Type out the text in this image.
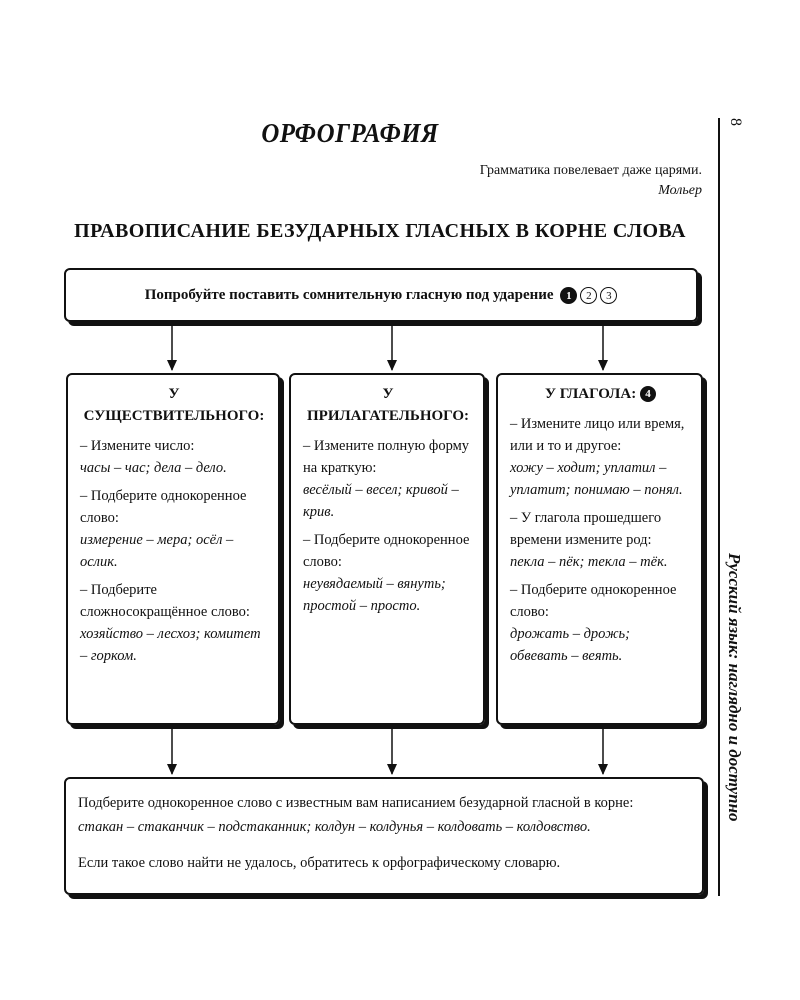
ОРФОГРАФИЯ
Грамматика повелевает даже царями.
Мольер
ПРАВОПИСАНИЕ БЕЗУДАРНЫХ ГЛАСНЫХ В КОРНЕ СЛОВА
8
Русский язык: наглядно и доступно
Попробуйте поставить сомнительную гласную под ударение
	1	2	3
У СУЩЕСТВИТЕЛЬНОГО:
– Измените число:
часы – час; дела – дело.
– Подберите однокоренное слово:
измерение – мера; осёл – ослик.
– Подберите сложносокращённое слово:
хозяйство – лесхоз; комитет – горком.
У ПРИЛАГАТЕЛЬНОГО:
– Измените полную форму на краткую:
весёлый – весел; кривой – крив.
– Подберите однокоренное слово:
неувядаемый – вянуть; простой – просто.
У ГЛАГОЛА: 4
– Измените лицо или время, или и то и другое:
хожу – ходит; уплатил – уплатит; понимаю – понял.
– У глагола прошедшего времени измените род:
пекла – пёк; текла – тёк.
– Подберите однокоренное слово:
дрожать – дрожь; обвевать – веять.
Подберите однокоренное слово с известным вам написанием безударной гласной в корне:
стакан – стаканчик – подстаканник; колдун – колдунья – колдовать – колдовство.
Если такое слово найти не удалось, обратитесь к орфографическому словарю.
